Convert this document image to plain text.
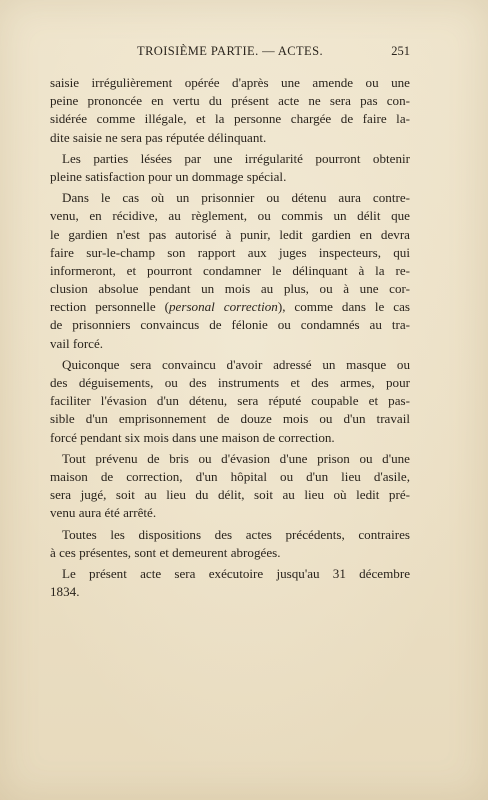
TROISIÈME PARTIE. — ACTES.	251
saisie irrégulièrement opérée d'après une amende ou une
peine prononcée en vertu du présent acte ne sera pas con-
sidérée comme illégale, et la personne chargée de faire la-
dite saisie ne sera pas réputée délinquant.
Les parties lésées par une irrégularité pourront obtenir
pleine satisfaction pour un dommage spécial.
Dans le cas où un prisonnier ou détenu aura contre-
venu, en récidive, au règlement, ou commis un délit que
le gardien n'est pas autorisé à punir, ledit gardien en devra
faire sur-le-champ son rapport aux juges inspecteurs, qui
informeront, et pourront condamner le délinquant à la re-
clusion absolue pendant un mois au plus, ou à une cor-
rection personnelle (personal correction), comme dans le cas
de prisonniers convaincus de félonie ou condamnés au tra-
vail forcé.
Quiconque sera convaincu d'avoir adressé un masque ou
des déguisements, ou des instruments et des armes, pour
faciliter l'évasion d'un détenu, sera réputé coupable et pas-
sible d'un emprisonnement de douze mois ou d'un travail
forcé pendant six mois dans une maison de correction.
Tout prévenu de bris ou d'évasion d'une prison ou d'une
maison de correction, d'un hôpital ou d'un lieu d'asile,
sera jugé, soit au lieu du délit, soit au lieu où ledit pré-
venu aura été arrêté.
Toutes les dispositions des actes précédents, contraires
à ces présentes, sont et demeurent abrogées.
Le présent acte sera exécutoire jusqu'au 31 décembre
1834.
